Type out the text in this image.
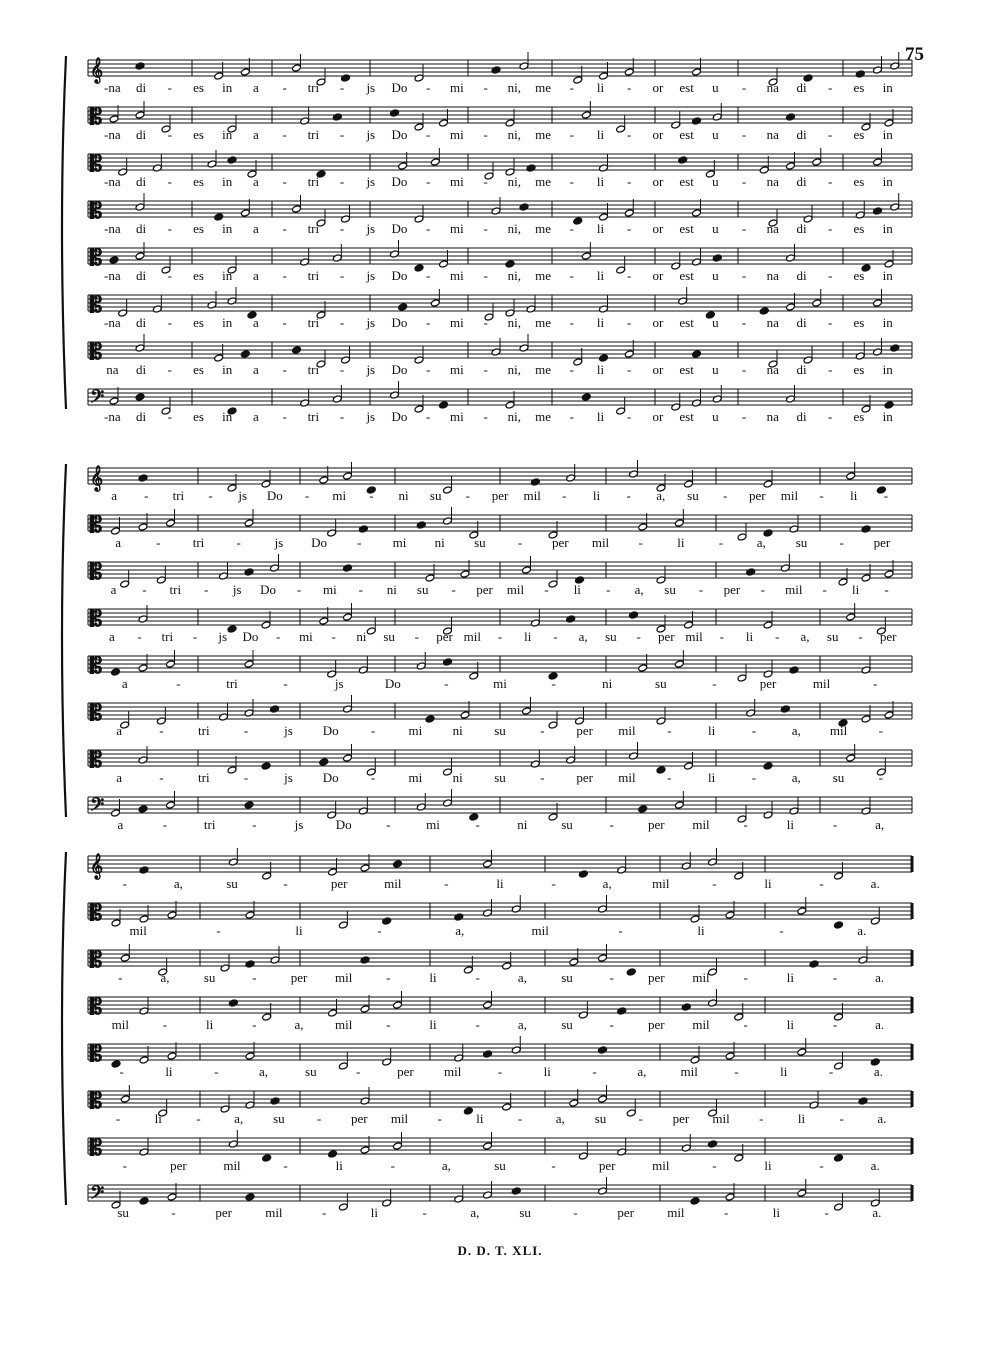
75
𝄞
-na di - es in a - tri - js Do - mi - ni, me - li - or est u - na di - es in
𝄡
-na di - es in a - tri - js Do - mi - ni, me - li - or est u - na di - es in
𝄡
-na di - es in a - tri - js Do - mi - ni, me - li - or est u - na di - es in
𝄡
-na di - es in a - tri - js Do - mi - ni, me - li - or est u - na di - es in
𝄡
-na di - es in a - tri - js Do - mi - ni, me - li - or est u - na di - es in
𝄡
-na di - es in a - tri - js Do - mi - ni, me - li - or est u - na di - es in
𝄡
na di - es in a - tri - js Do - mi - ni, me - li - or est u - na di - es in
𝄢
-na di - es in a - tri - js Do - mi - ni, me - li - or est u - na di - es in
𝄞
a - tri - js Do - mi - ni su - per mil - li - a, su - per mil - li -
𝄡
a	- tri -	js Do - mi ni su - per mil -	li	-	a, su - per
𝄡
a - tri - js Do - mi - ni su - per mil - li - a, su - per - mil - li -
𝄡
a - tri - js Do - mi - ni su - per mil - li - a, su - per mil - li - a, su - per
𝄡
a	-	tri	-	js	Do	-	mi	-	ni	su	-	per	mil	-
𝄡
a	-	tri	-	js Do -	mi ni su	- per mil -	li	-	a, mil -
𝄡
a	-	tri	-	js Do -	mi ni su	- per mil -	li	-	a, su	-
𝄢
a	-	tri	-	js Do	-	mi	-	ni	su	-	per mil	-	li	-	a,
𝄞
-	a,	su	-	per	mil	-	li	-	a,	mil	-	li	-	a.
𝄡
mil	-	li	-	a,	mil	-	li	-	a.
𝄡
-	a,	su	-	per mil	-	li	-	a,	su	-	per mil	-	li	-	a.
𝄡
mil	-	li	-	a, mil	-	li	-	a,	su	-	per mil	-	li	-	a.
𝄡
-	li	-	a,	su	-	per mil	-	li	-	a,	mil	-	li	-	a.
𝄡
-	li	-	a, su - per mil -	li	-	a, su - per mil -	li	-	a.
𝄡
-	per	mil	-	li	-	a,	su	-	per	mil	-	li	-	a.
𝄢
su	-	per	mil	-	li	-	a,	su	-	per	mil	-	li	-	a.
D. D. T. XLI.
